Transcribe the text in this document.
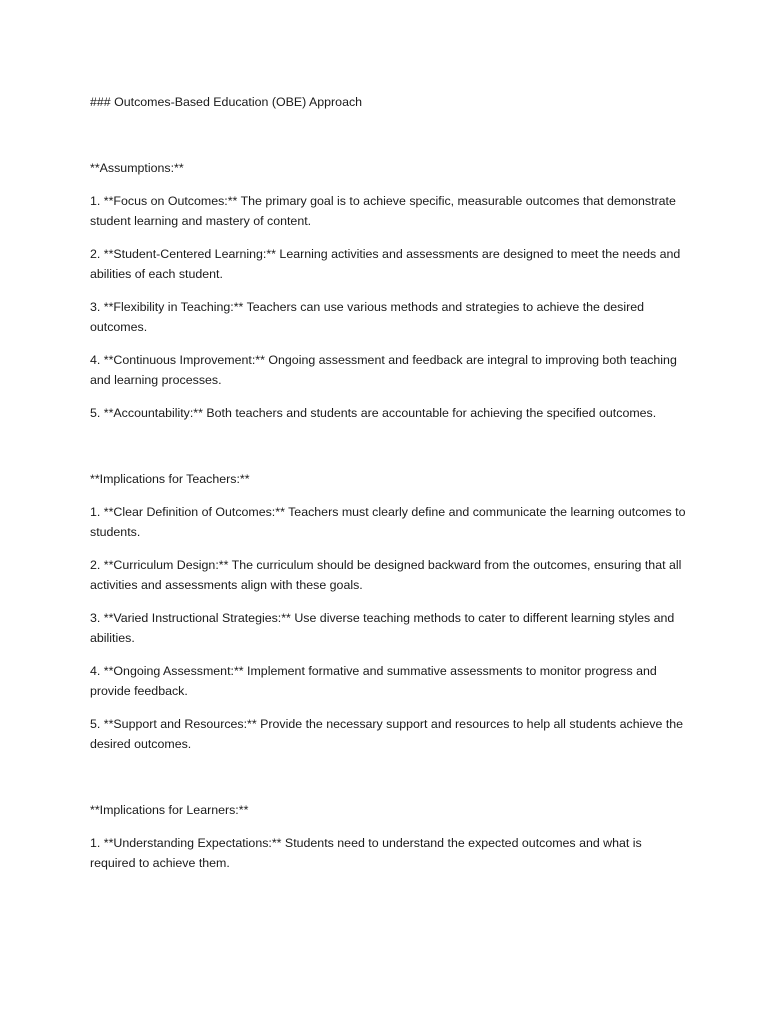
### Outcomes-Based Education (OBE) Approach

**Assumptions:**

1. **Focus on Outcomes:** The primary goal is to achieve specific, measurable outcomes that demonstrate student learning and mastery of content.

2. **Student-Centered Learning:** Learning activities and assessments are designed to meet the needs and abilities of each student.

3. **Flexibility in Teaching:** Teachers can use various methods and strategies to achieve the desired outcomes.

4. **Continuous Improvement:** Ongoing assessment and feedback are integral to improving both teaching and learning processes.

5. **Accountability:** Both teachers and students are accountable for achieving the specified outcomes.

**Implications for Teachers:**

1. **Clear Definition of Outcomes:** Teachers must clearly define and communicate the learning outcomes to students.

2. **Curriculum Design:** The curriculum should be designed backward from the outcomes, ensuring that all activities and assessments align with these goals.

3. **Varied Instructional Strategies:** Use diverse teaching methods to cater to different learning styles and abilities.

4. **Ongoing Assessment:** Implement formative and summative assessments to monitor progress and provide feedback.

5. **Support and Resources:** Provide the necessary support and resources to help all students achieve the desired outcomes.

**Implications for Learners:**

1. **Understanding Expectations:** Students need to understand the expected outcomes and what is required to achieve them.
